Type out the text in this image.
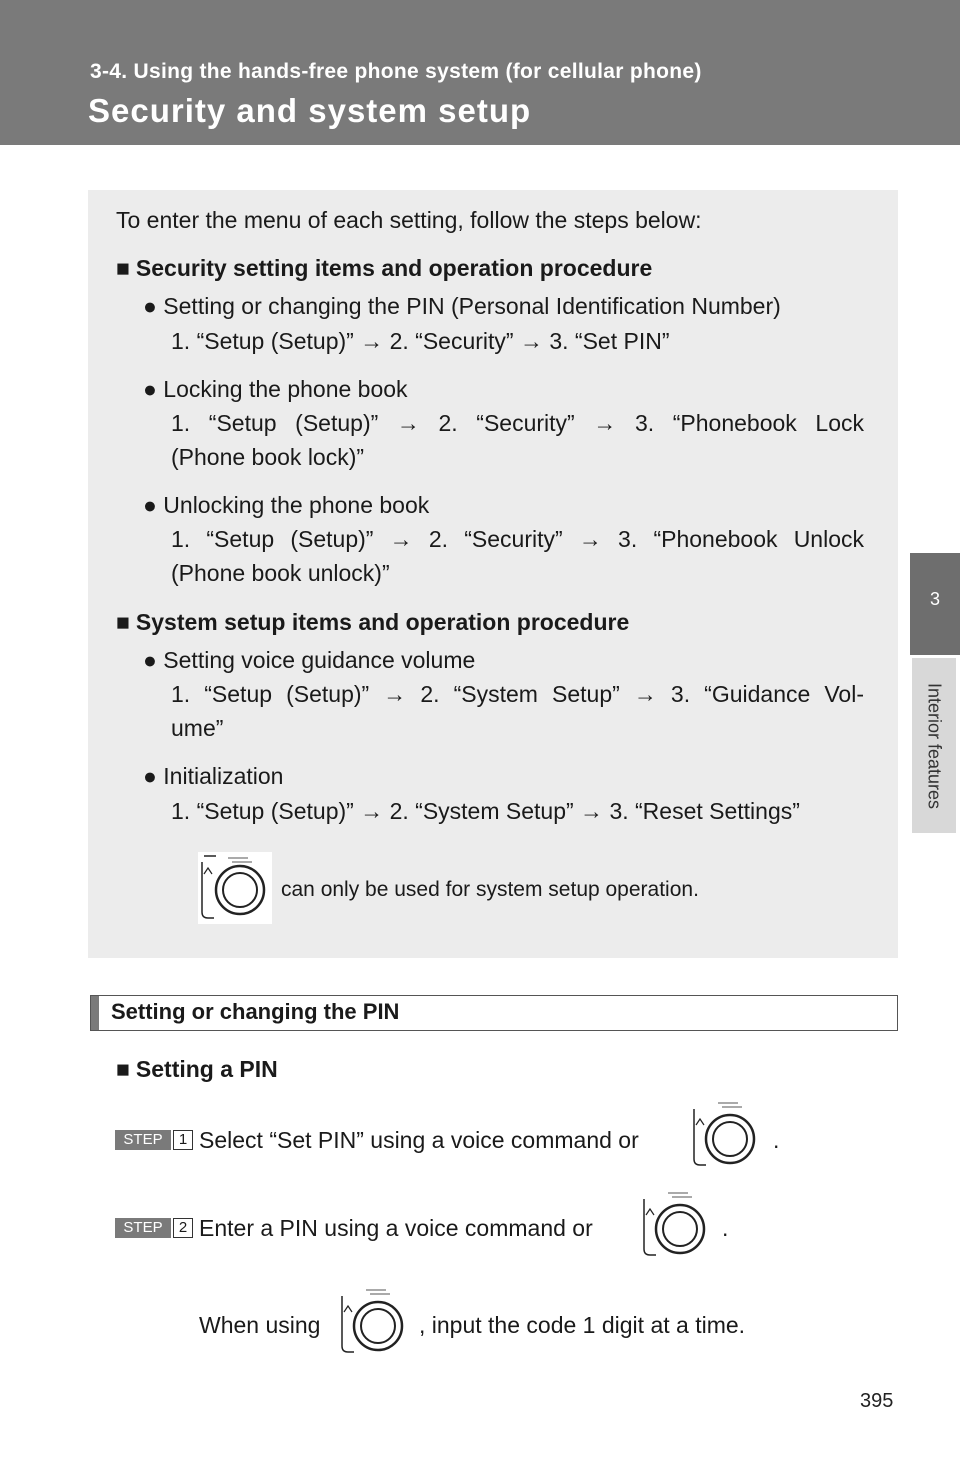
3-4. Using the hands-free phone system (for cellular phone)
Security and system setup
3
Interior features
To enter the menu of each setting, follow the steps below:
■ Security setting items and operation procedure
● Setting or changing the PIN (Personal Identification Number)
1. “Setup (Setup)” → 2. “Security” → 3. “Set PIN”
● Locking the phone book
1. “Setup (Setup)” → 2. “Security” → 3. “Phonebook Lock
(Phone book lock)”
● Unlocking the phone book
1. “Setup (Setup)” → 2. “Security” → 3. “Phonebook Unlock
(Phone book unlock)”
■ System setup items and operation procedure
● Setting voice guidance volume
1. “Setup (Setup)” → 2. “System Setup” → 3. “Guidance Vol-
ume”
● Initialization
1. “Setup (Setup)” → 2. “System Setup” → 3. “Reset Settings”
can only be used for system setup operation.
Setting or changing the PIN
■ Setting a PIN
STEP	1 Select “Set PIN” using a voice command or	.
STEP	2 Enter a PIN using a voice command or	.
When using	, input the code 1 digit at a time.
395
